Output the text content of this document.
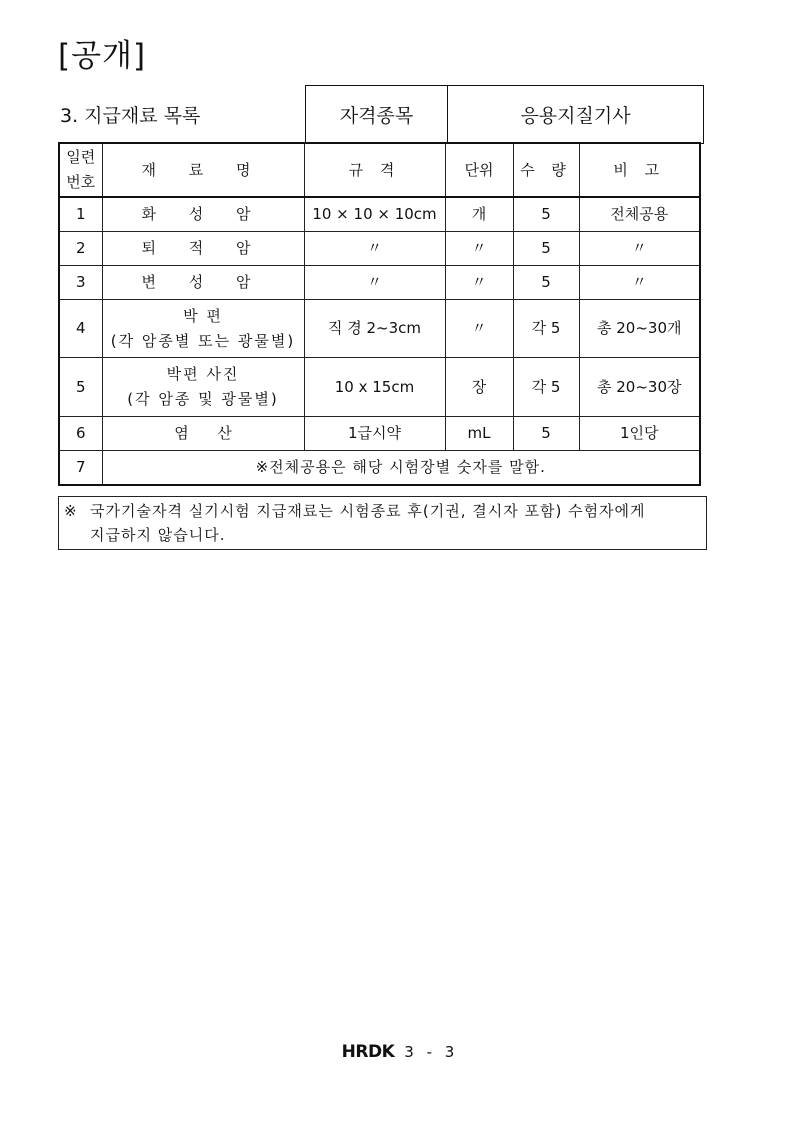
[공개]
3. 지급재료 목록	자격종목	응용지질기사
일련
번호	재 료 명	규 격	단위	수 량	비 고
1	화 성 암	10 × 10 × 10cm	개	5	전체공용
2	퇴 적 암	〃	〃	5	〃
3	변 성 암	〃	〃	5	〃
4	박 편
(각 암종별 또는 광물별)	직 경 2~3cm	〃	각 5	총 20~30개
5	박편 사진
(각 암종 및 광물별)	10 x 15cm	장	각 5	총 20~30장
6	염      산	1급시약	mL	5	1인당
7	※전체공용은 해당 시험장별 숫자를 말함.				
※ 국가기술자격 실기시험 지급재료는 시험종료 후(기권, 결시자 포함) 수험자에게
지급하지 않습니다.
HRDK 3 - 3
